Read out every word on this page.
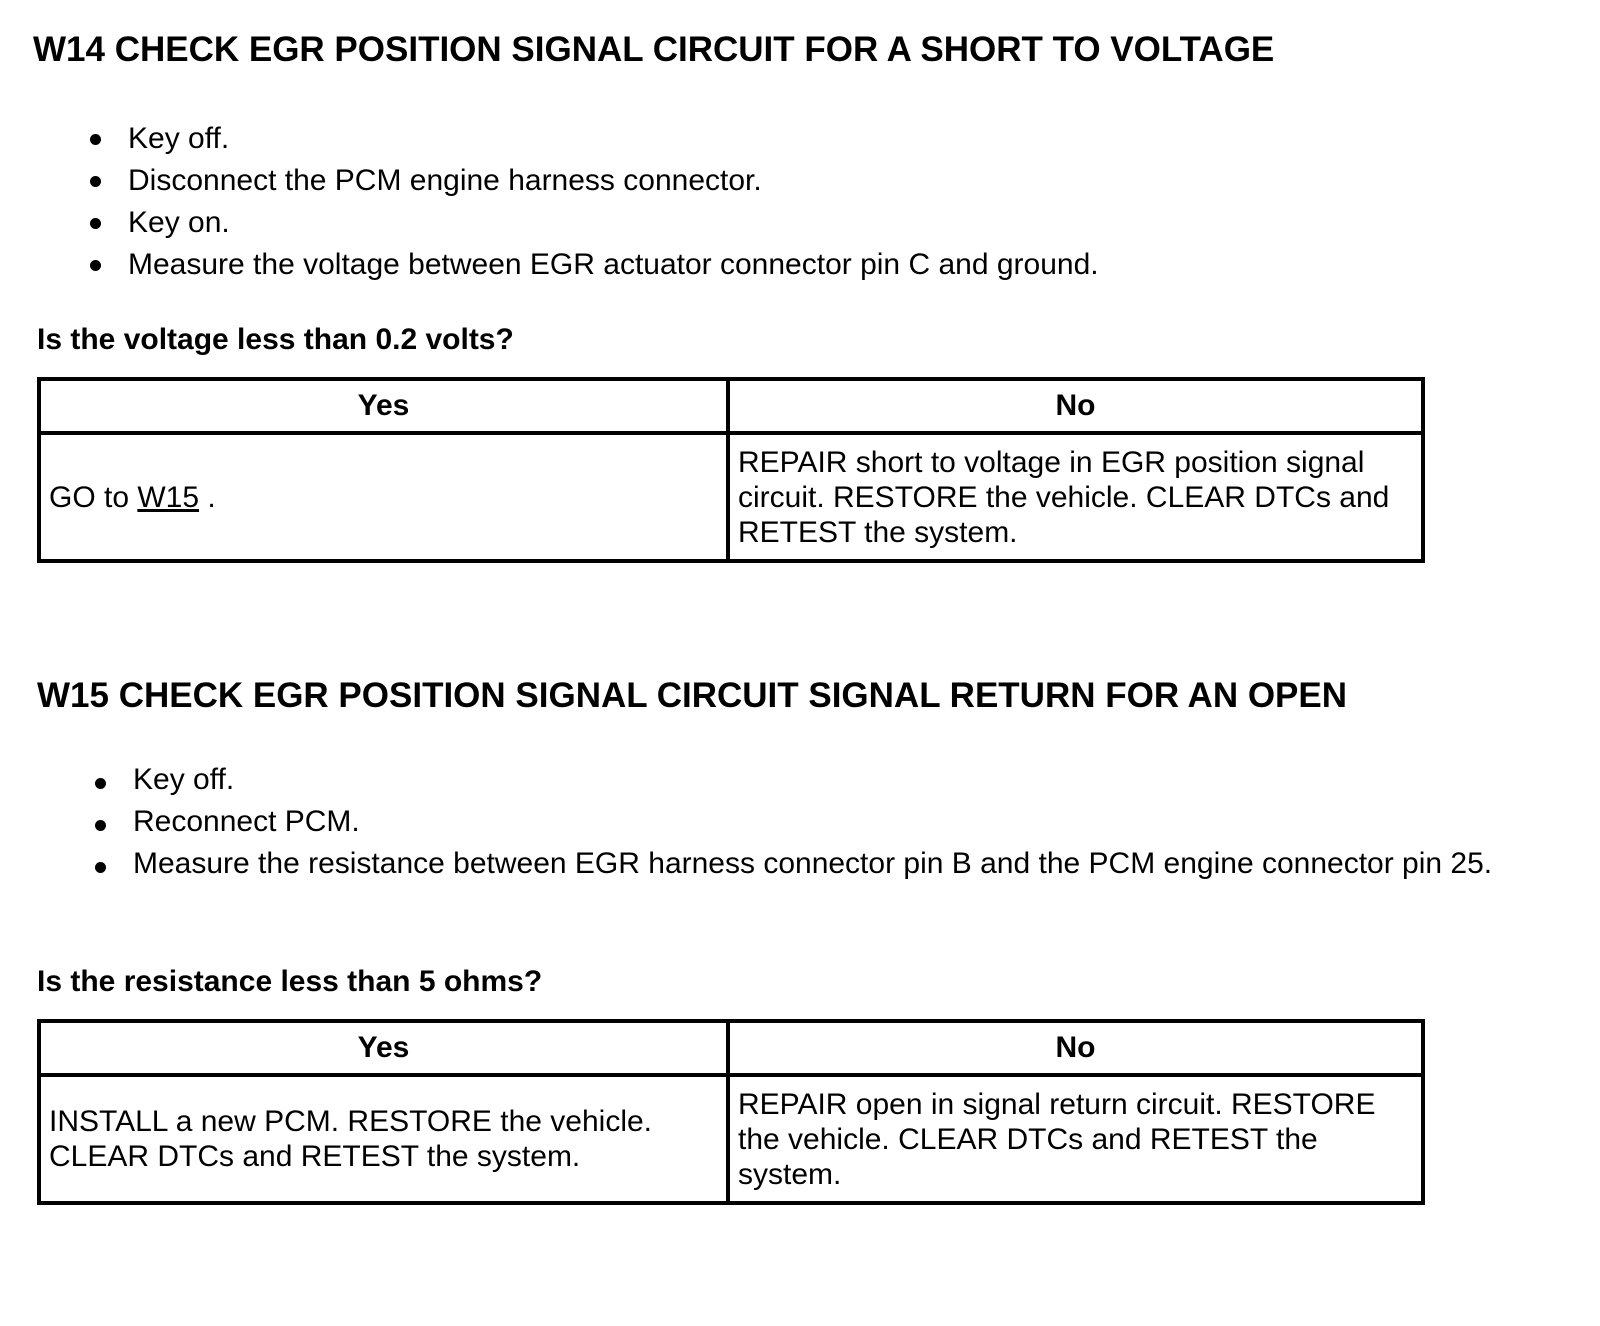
W14 CHECK EGR POSITION SIGNAL CIRCUIT FOR A SHORT TO VOLTAGE
Key off.
Disconnect the PCM engine harness connector.
Key on.
Measure the voltage between EGR actuator connector pin C and ground.

Is the voltage less than 0.2 volts?

Yes	No
GO to W15 .	REPAIR short to voltage in EGR position signal circuit. RESTORE the vehicle. CLEAR DTCs and RETEST the system.
W15 CHECK EGR POSITION SIGNAL CIRCUIT SIGNAL RETURN FOR AN OPEN
Key off.
Reconnect PCM.
Measure the resistance between EGR harness connector pin B and the PCM engine connector pin 25.

Is the resistance less than 5 ohms?

Yes	No
INSTALL a new PCM. RESTORE the vehicle. CLEAR DTCs and RETEST the system.	REPAIR open in signal return circuit. RESTORE the vehicle. CLEAR DTCs and RETEST the system.
